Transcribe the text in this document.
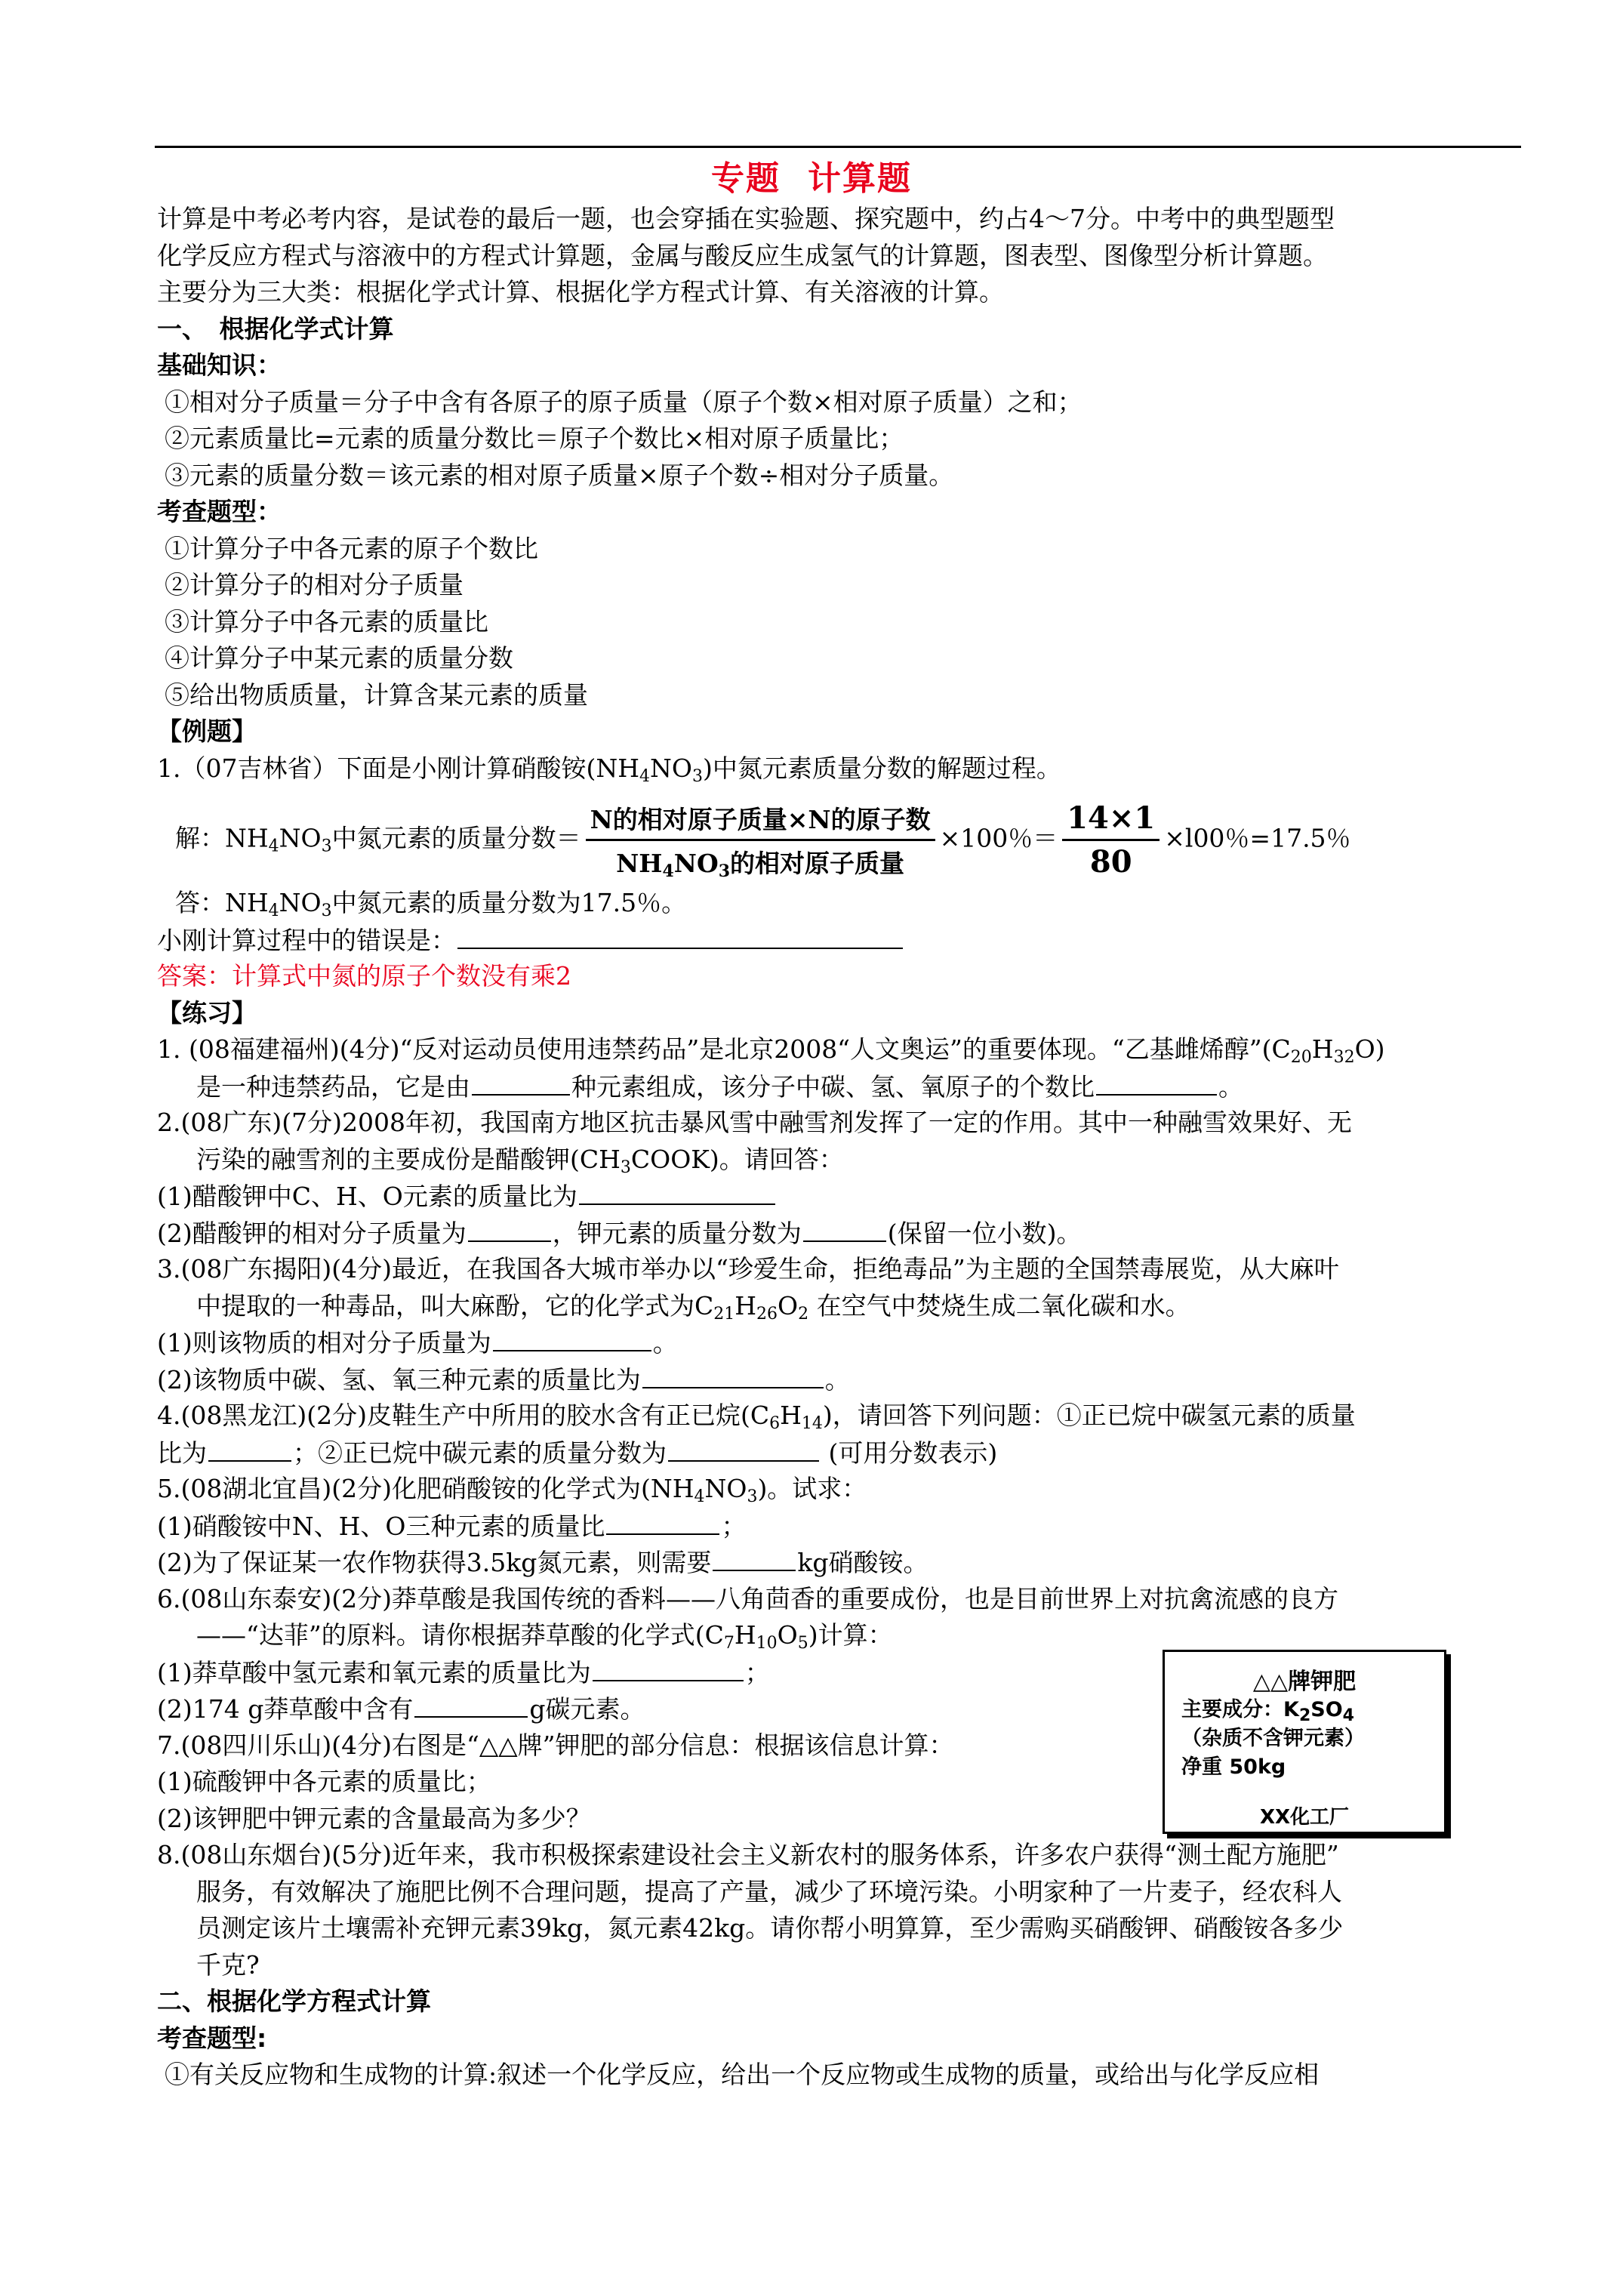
专题 计算题
计算是中考必考内容，是试卷的最后一题，也会穿插在实验题、探究题中，约占4～7分。中考中的典型题型
化学反应方程式与溶液中的方程式计算题，金属与酸反应生成氢气的计算题，图表型、图像型分析计算题。
主要分为三大类：根据化学式计算、根据化学方程式计算、有关溶液的计算。
一、　根据化学式计算
基础知识：
①相对分子质量＝分子中含有各原子的原子质量（原子个数×相对原子质量）之和；
②元素质量比=元素的质量分数比＝原子个数比×相对原子质量比；
③元素的质量分数＝该元素的相对原子质量×原子个数÷相对分子质量。
考查题型：
①计算分子中各元素的原子个数比
②计算分子的相对分子质量
③计算分子中各元素的质量比
④计算分子中某元素的质量分数
⑤给出物质质量，计算含某元素的质量
【例题】
1.（07吉林省）下面是小刚计算硝酸铵$(NH_4NO_3)$中氮元素质量分数的解题过程。
解：$NH_4NO_3$中氮元素的质量分数＝ $\frac{\text{N的相对原子质量×N的原子数}}{NH_4NO_3的相对原子质量} \times 100$％＝ $\frac{14\times 1}{80} \times l00$％=17.5％
答：$NH_4NO_3$中氮元素的质量分数为17.5％。
小刚计算过程中的错误是：
答案：计算式中氮的原子个数没有乘2
【练习】
1. (08福建福州)(4分)“反对运动员使用违禁药品”是北京2008“人文奥运”的重要体现。“乙基雌烯醇$”(C_{20}H_{32}O)$
是一种违禁药品，它是由	种元素组成，该分子中碳、氢、氧原子的个数比	。
2.(08广东)(7分)2008年初，我国南方地区抗击暴风雪中融雪剂发挥了一定的作用。其中一种融雪效果好、无
污染的融雪剂的主要成份是醋酸钾$(CH_3COOK)$。请回答：
(1)醋酸钾中C、H、O元素的质量比为
(2)醋酸钾的相对分子质量为	，钾元素的质量分数为	(保留一位小数)。
3.(08广东揭阳)(4分)最近，在我国各大城市举办以“珍爱生命，拒绝毒品”为主题的全国禁毒展览，从大麻叶
中提取的一种毒品，叫大麻酚，它的化学式为$C_{21}H_{26}O_2$ 在空气中焚烧生成二氧化碳和水。
(1)则该物质的相对分子质量为	。
(2)该物质中碳、氢、氧三种元素的质量比为	。
4.(08黑龙江)(2分)皮鞋生产中所用的胶水含有正已烷$(C_6H_{14})$，请回答下列问题：①正已烷中碳氢元素的质量
比为	；②正已烷中碳元素的质量分数为	(可用分数表示)
5.(08湖北宜昌)(2分)化肥硝酸铵的化学式为$(NH_4NO_3)$。试求：
(1)硝酸铵中N、H、O三种元素的质量比	；
(2)为了保证某一农作物获得3.5kg氮元素，则需要	kg硝酸铵。
6.(08山东泰安)(2分)莽草酸是我国传统的香料——八角茴香的重要成份，也是目前世界上对抗禽流感的良方
——“达菲”的原料。请你根据莽草酸的化学式$(C_7H_{10}O_5)$计算：
(1)莽草酸中氢元素和氧元素的质量比为	；
(2)174 g莽草酸中含有	g碳元素。
7.(08四川乐山)(4分)右图是“△△牌”钾肥的部分信息：根据该信息计算：
(1)硫酸钾中各元素的质量比；
(2)该钾肥中钾元素的含量最高为多少？
8.(08山东烟台)(5分)近年来，我市积极探索建设社会主义新农村的服务体系，许多农户获得“测土配方施肥”
服务，有效解决了施肥比例不合理问题，提高了产量，减少了环境污染。小明家种了一片麦子，经农科人
员测定该片土壤需补充钾元素39kg，氮元素42kg。请你帮小明算算，至少需购买硝酸钾、硝酸铵各多少
千克?
二、根据化学方程式计算
考查题型:
①有关反应物和生成物的计算:叙述一个化学反应，给出一个反应物或生成物的质量，或给出与化学反应相
△△牌钾肥
主要成分：$K_2SO_4$
（杂质不含钾元素）
净重 50kg
XX化工厂
